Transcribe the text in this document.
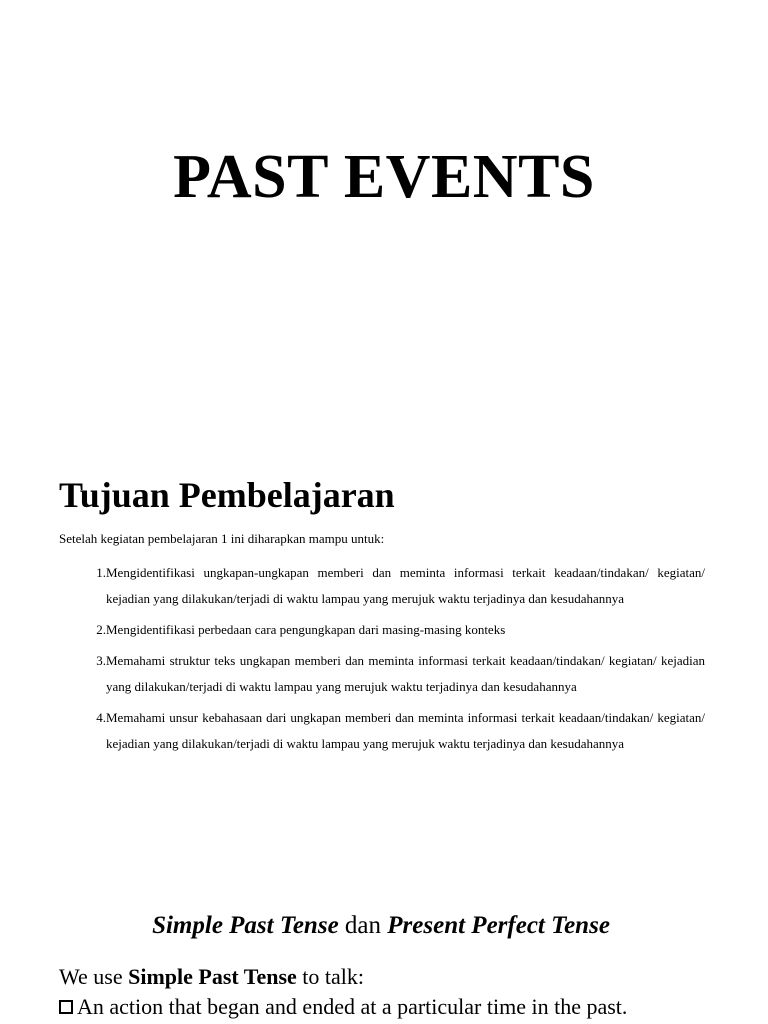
PAST EVENTS
Tujuan Pembelajaran

Setelah kegiatan pembelajaran 1 ini diharapkan mampu untuk:

1. Mengidentifikasi ungkapan-ungkapan memberi dan meminta informasi terkait keadaan/tindakan/ kegiatan/ kejadian yang dilakukan/terjadi di waktu lampau yang merujuk waktu terjadinya dan kesudahannya
2. Mengidentifikasi perbedaan cara pengungkapan dari masing-masing konteks
3. Memahami struktur teks ungkapan memberi dan meminta informasi terkait keadaan/tindakan/ kegiatan/ kejadian yang dilakukan/terjadi di waktu lampau yang merujuk waktu terjadinya dan kesudahannya
4. Memahami unsur kebahasaan dari ungkapan memberi dan meminta informasi terkait keadaan/tindakan/ kegiatan/ kejadian yang dilakukan/terjadi di waktu lampau yang merujuk waktu terjadinya dan kesudahannya

Simple Past Tense dan Present Perfect Tense

We use Simple Past Tense to talk:

An action that began and ended at a particular time in the past.
